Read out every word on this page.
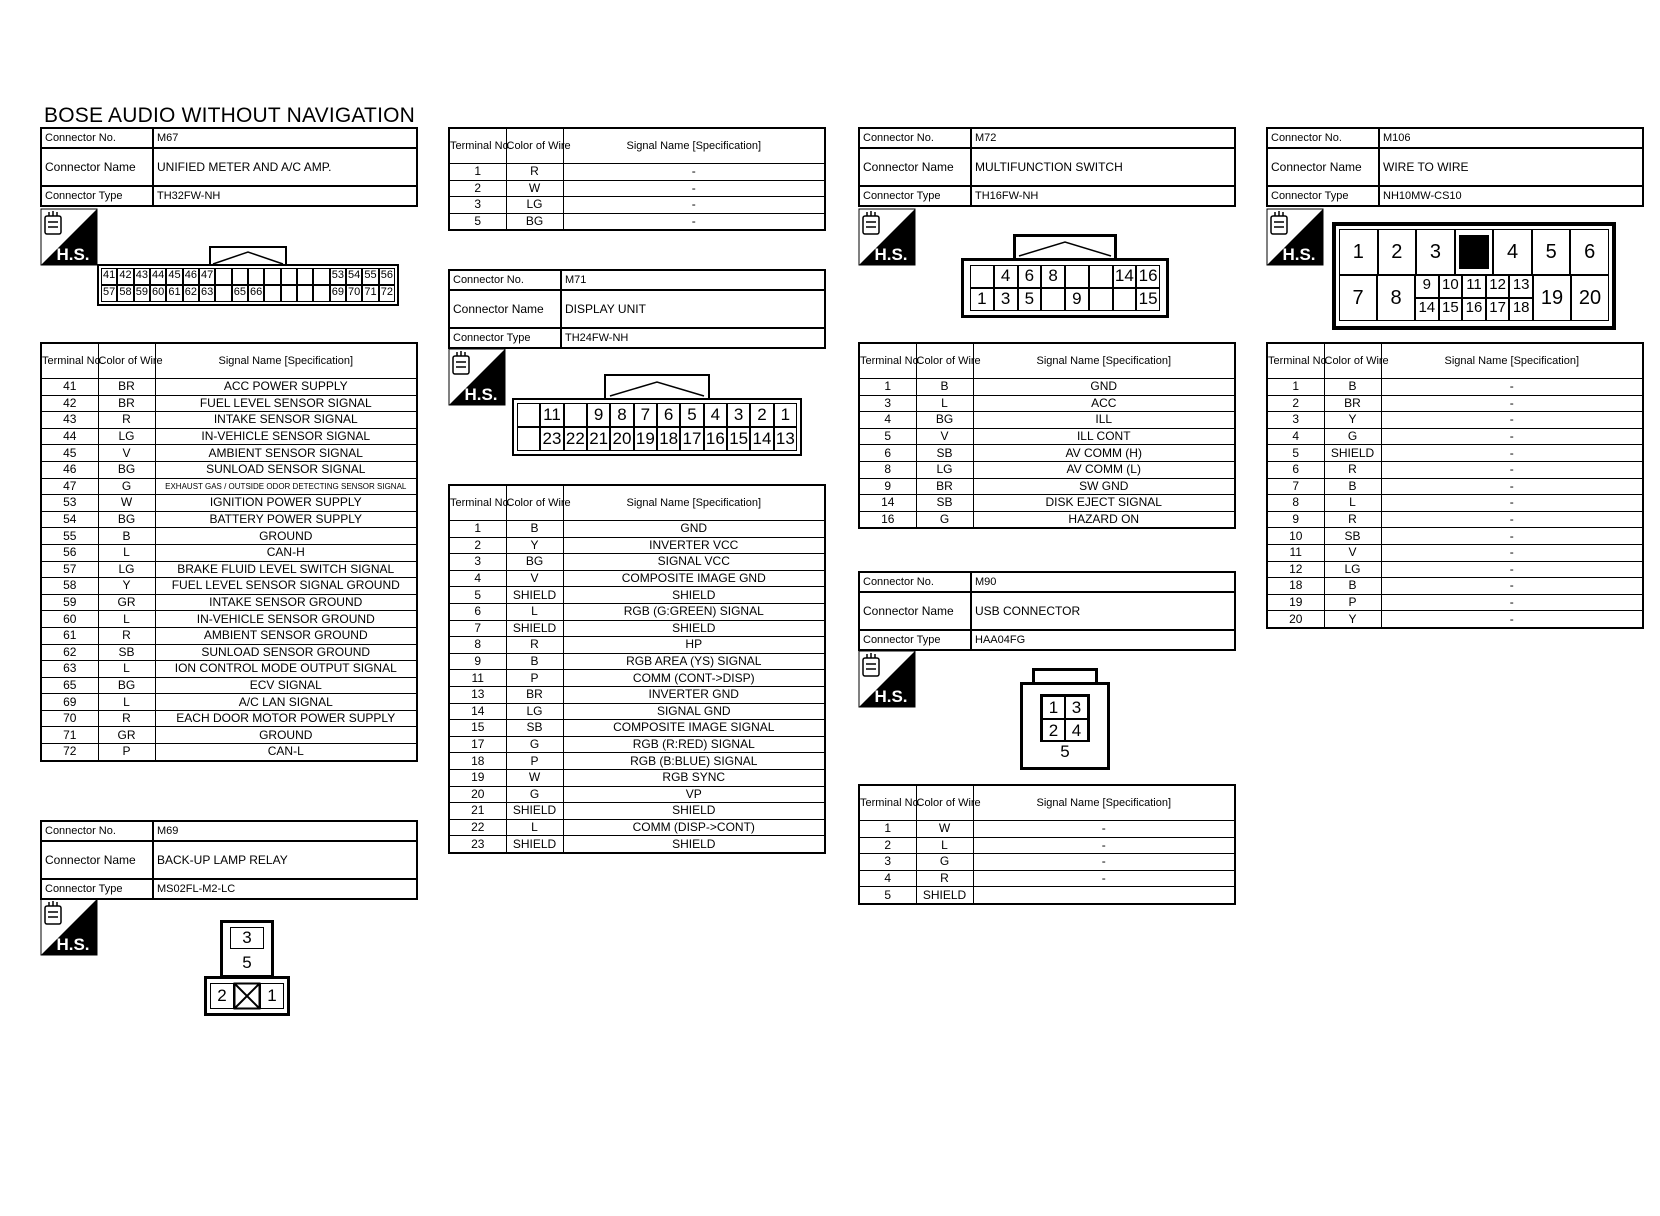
BOSE AUDIO WITHOUT NAVIGATION
Connector No.	M67
Connector Name	UNIFIED METER AND A/C AMP.
Connector Type	TH32FW-NH
H.S.
H.S.
H.S.	H.S.
H.S.
H.S.
41 42 43 44 45 46 47	53 54 55 56
57 58 59 60 61 62 63 65 66	69 70 71 72
Terminal No.	Color of Wire	Signal Name [Specification]
41	BR	ACC POWER SUPPLY
42	BR	FUEL LEVEL SENSOR SIGNAL
43	R	INTAKE SENSOR SIGNAL
44	LG	IN-VEHICLE SENSOR SIGNAL
45	V	AMBIENT SENSOR SIGNAL
46	BG	SUNLOAD SENSOR SIGNAL
47	G	EXHAUST GAS / OUTSIDE ODOR DETECTING SENSOR SIGNAL
53	W	IGNITION POWER SUPPLY
54	BG	BATTERY POWER SUPPLY
55	B	GROUND
56	L	CAN-H
57	LG	BRAKE FLUID LEVEL SWITCH SIGNAL
58	Y	FUEL LEVEL SENSOR SIGNAL GROUND
59	GR	INTAKE SENSOR GROUND
60	L	IN-VEHICLE SENSOR GROUND
61	R	AMBIENT SENSOR GROUND
62	SB	SUNLOAD SENSOR GROUND
63	L	ION CONTROL MODE OUTPUT SIGNAL
65	BG	ECV SIGNAL
69	L	A/C LAN SIGNAL
70	R	EACH DOOR MOTOR POWER SUPPLY
71	GR	GROUND
72	P	CAN-L
Connector No.	M69
Connector Name	BACK-UP LAMP RELAY
Connector Type	MS02FL-M2-LC
3
5
2	1
Terminal No.	Color of Wire	Signal Name [Specification]
1	R	-
2	W	-
3	LG	-
5	BG	-
Connector No.	M71
Connector Name	DISPLAY UNIT
Connector Type	TH24FW-NH
11	9 8 7 6 5 4 3 2 1
23 22 21 20 19 18 17 16 15 14 13
Terminal No.	Color of Wire	Signal Name [Specification]
1	B	GND
2	Y	INVERTER VCC
3	BG	SIGNAL VCC
4	V	COMPOSITE IMAGE GND
5	SHIELD	SHIELD
6	L	RGB (G:GREEN) SIGNAL
7	SHIELD	SHIELD
8	R	HP
9	B	RGB AREA (YS) SIGNAL
11	P	COMM (CONT->DISP)
13	BR	INVERTER GND
14	LG	SIGNAL GND
15	SB	COMPOSITE IMAGE SIGNAL
17	G	RGB (R:RED) SIGNAL
18	P	RGB (B:BLUE) SIGNAL
19	W	RGB SYNC
20	G	VP
21	SHIELD	SHIELD
22	L	COMM (DISP->CONT)
23	SHIELD	SHIELD
Connector No.	M72
Connector Name	MULTIFUNCTION SWITCH
Connector Type	TH16FW-NH
4 6 8	14 16
1 3 5	9	15
Terminal No.	Color of Wire	Signal Name [Specification]
1	B	GND
3	L	ACC
4	BG	ILL
5	V	ILL CONT
6	SB	AV COMM (H)
8	LG	AV COMM (L)
9	BR	SW GND
14	SB	DISK EJECT SIGNAL
16	G	HAZARD ON
Connector No.	M90
Connector Name	USB CONNECTOR
Connector Type	HAA04FG
1 3
2 4
5
Terminal No.	Color of Wire	Signal Name [Specification]
1	W	-
2	L	-
3	G	-
4	R	-
5	SHIELD	
Connector No.	M106
Connector Name	WIRE TO WIRE
Connector Type	NH10MW-CS10
1	2	3	4	5	6
7	8
9 10 11 12 13
14 15 16 17 18 19 20
Terminal No.	Color of Wire	Signal Name [Specification]
1	B	-
2	BR	-
3	Y	-
4	G	-
5	SHIELD	-
6	R	-
7	B	-
8	L	-
9	R	-
10	SB	-
11	V	-
12	LG	-
18	B	-
19	P	-
20	Y	-
